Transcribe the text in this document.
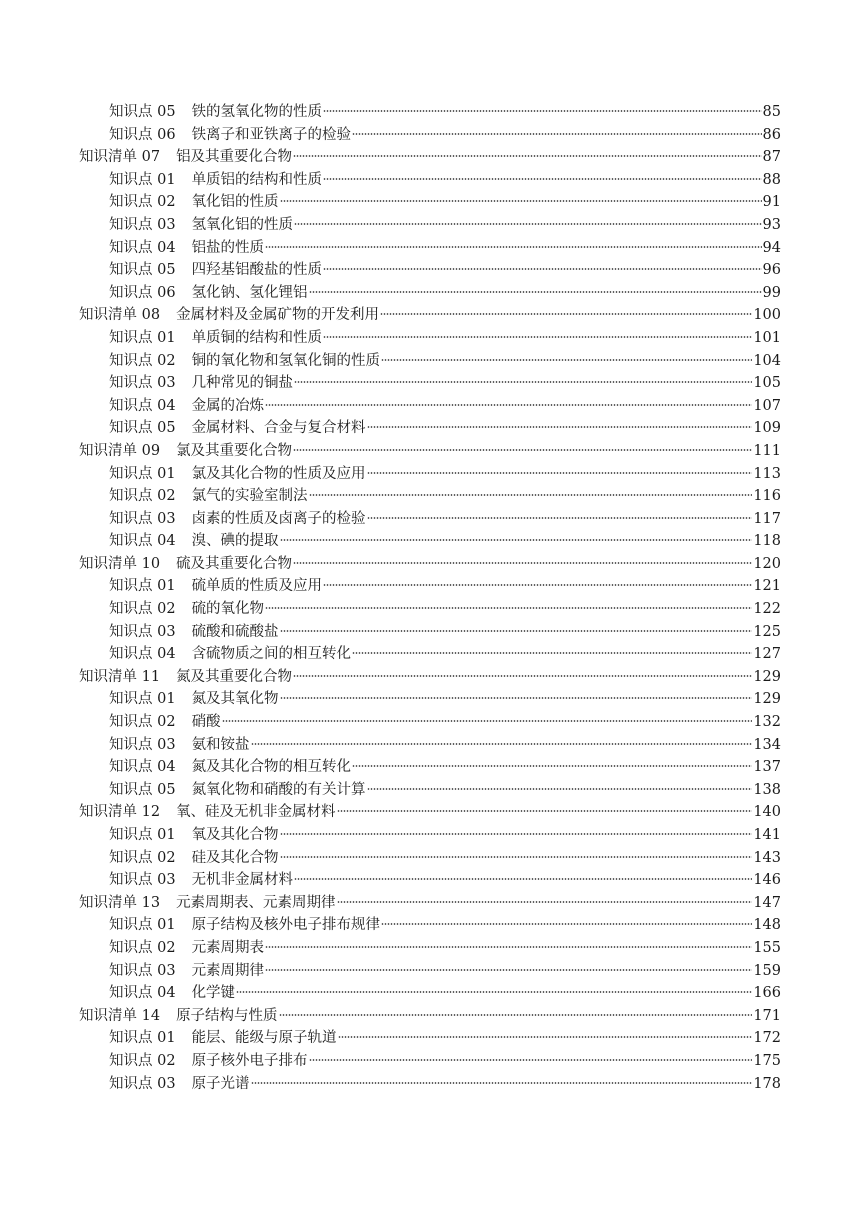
知识点 05 铁的氢氧化物的性质	85
知识点 06 铁离子和亚铁离子的检验	86
知识清单 07 铝及其重要化合物	87
知识点 01 单质铝的结构和性质	88
知识点 02 氧化铝的性质	91
知识点 03 氢氧化铝的性质	93
知识点 04 铝盐的性质	94
知识点 05 四羟基铝酸盐的性质	96
知识点 06 氢化钠、氢化锂铝	99
知识清单 08 金属材料及金属矿物的开发利用	100
知识点 01 单质铜的结构和性质	101
知识点 02 铜的氧化物和氢氧化铜的性质	104
知识点 03 几种常见的铜盐	105
知识点 04 金属的冶炼	107
知识点 05 金属材料、合金与复合材料	109
知识清单 09 氯及其重要化合物	111
知识点 01 氯及其化合物的性质及应用	113
知识点 02 氯气的实验室制法	116
知识点 03 卤素的性质及卤离子的检验	117
知识点 04 溴、碘的提取	118
知识清单 10 硫及其重要化合物	120
知识点 01 硫单质的性质及应用	121
知识点 02 硫的氧化物	122
知识点 03 硫酸和硫酸盐	125
知识点 04 含硫物质之间的相互转化	127
知识清单 11 氮及其重要化合物	129
知识点 01 氮及其氧化物	129
知识点 02 硝酸	132
知识点 03 氨和铵盐	134
知识点 04 氮及其化合物的相互转化	137
知识点 05 氮氧化物和硝酸的有关计算	138
知识清单 12 氧、硅及无机非金属材料	140
知识点 01 氧及其化合物	141
知识点 02 硅及其化合物	143
知识点 03 无机非金属材料	146
知识清单 13 元素周期表、元素周期律	147
知识点 01 原子结构及核外电子排布规律	148
知识点 02 元素周期表	155
知识点 03 元素周期律	159
知识点 04 化学键	166
知识清单 14 原子结构与性质	171
知识点 01 能层、能级与原子轨道	172
知识点 02 原子核外电子排布	175
知识点 03 原子光谱	178
